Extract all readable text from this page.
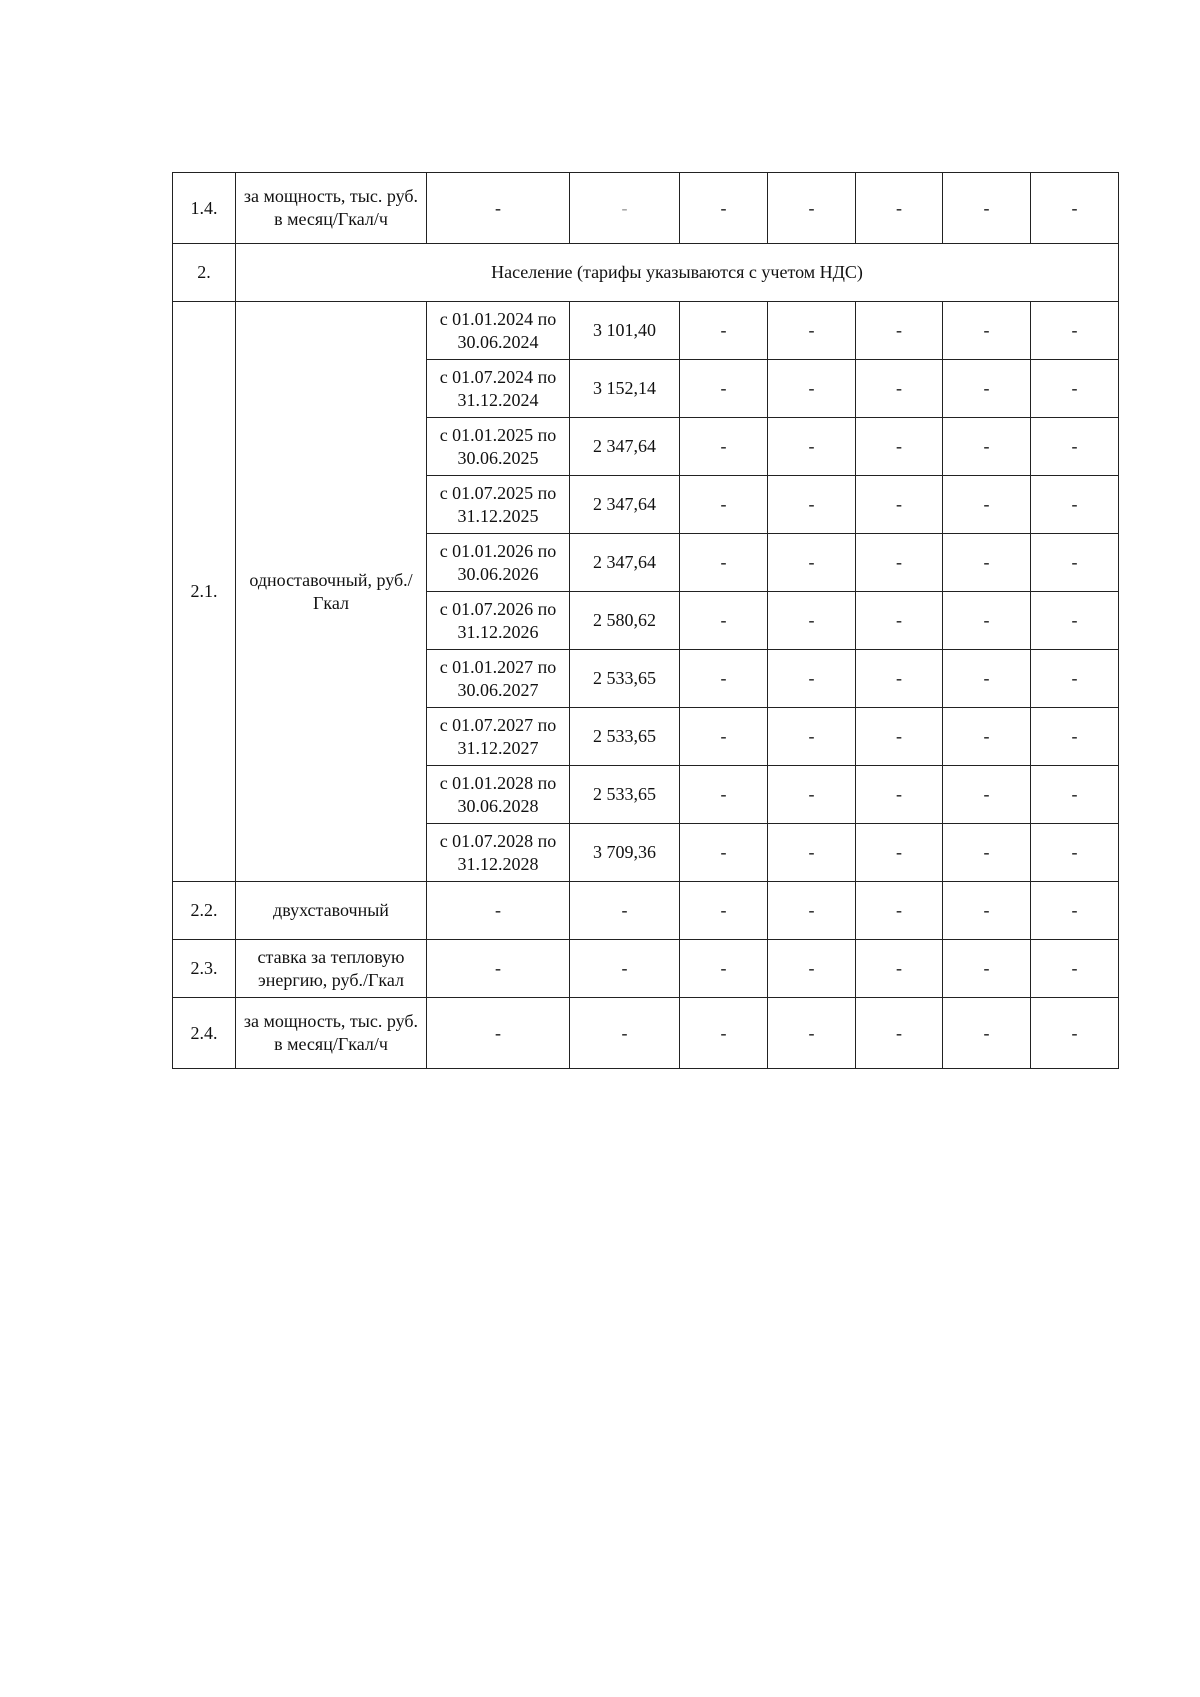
1.4.	за мощность, тыс. руб. в месяц/Гкал/ч	-	-	-	-	-	-	-
2.	Население (тарифы указываются с учетом НДС)							
2.1.	одноставочный, руб./Гкал	с 01.01.2024 по 30.06.2024	3 101,40	-	-	-	-	-
		с 01.07.2024 по 31.12.2024	3 152,14	-	-	-	-	-
		с 01.01.2025 по 30.06.2025	2 347,64	-	-	-	-	-
		с 01.07.2025 по 31.12.2025	2 347,64	-	-	-	-	-
		с 01.01.2026 по 30.06.2026	2 347,64	-	-	-	-	-
		с 01.07.2026 по 31.12.2026	2 580,62	-	-	-	-	-
		с 01.01.2027 по 30.06.2027	2 533,65	-	-	-	-	-
		с 01.07.2027 по 31.12.2027	2 533,65	-	-	-	-	-
		с 01.01.2028 по 30.06.2028	2 533,65	-	-	-	-	-
		с 01.07.2028 по 31.12.2028	3 709,36	-	-	-	-	-
2.2.	двухставочный	-	-	-	-	-	-	-
2.3.	ставка за тепловую энергию, руб./Гкал	-	-	-	-	-	-	-
2.4.	за мощность, тыс. руб. в месяц/Гкал/ч	-	-	-	-	-	-	-
